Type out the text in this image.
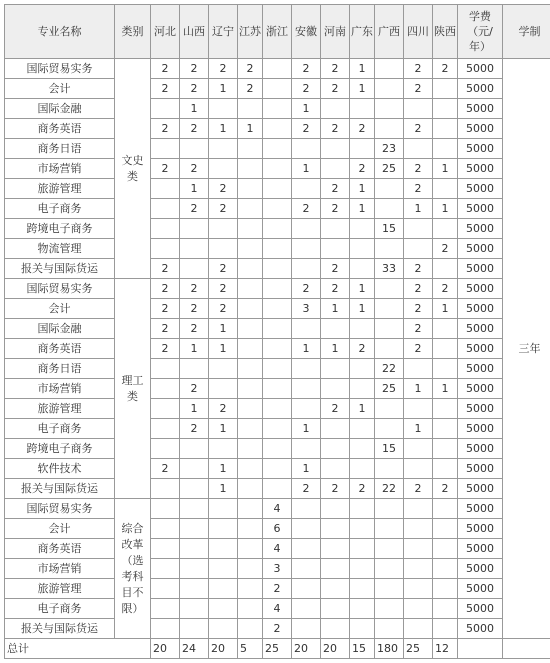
专业名称	类别	河北	山西	辽宁	江苏	浙江	安徽	河南	广东	广西	四川	陕西	学费（元/年）	学制
国际贸易实务	文史类	2	2	2	2		2	2	1		2	2	5000	三年
会计		2	2	1	2		2	2	1		2		5000	
国际金融			1				1						5000	
商务英语		2	2	1	1		2	2	2		2		5000	
商务日语										23			5000	
市场营销		2	2				1		2	25	2	1	5000	
旅游管理			1	2				2	1		2		5000	
电子商务			2	2			2	2	1		1	1	5000	
跨境电子商务										15			5000	
物流管理												2	5000	
报关与国际货运		2		2				2		33	2		5000	
国际贸易实务	理工类	2	2	2			2	2	1		2	2	5000	
会计		2	2	2			3	1	1		2	1	5000	
国际金融		2	2	1							2		5000	
商务英语		2	1	1			1	1	2		2		5000	
商务日语										22			5000	
市场营销			2							25	1	1	5000	
旅游管理			1	2				2	1				5000	
电子商务			2	1			1				1		5000	
跨境电子商务										15			5000	
软件技术		2		1			1						5000	
报关与国际货运				1			2	2	2	22	2	2	5000	
国际贸易实务	综合改革（选考科目不限）					4							5000	
会计						6							5000	
商务英语						4							5000	
市场营销						3							5000	
旅游管理						2							5000	
电子商务						4							5000	
报关与国际货运						2							5000	
总计		20	24	20	5	25	20	20	15	180	25	12		
